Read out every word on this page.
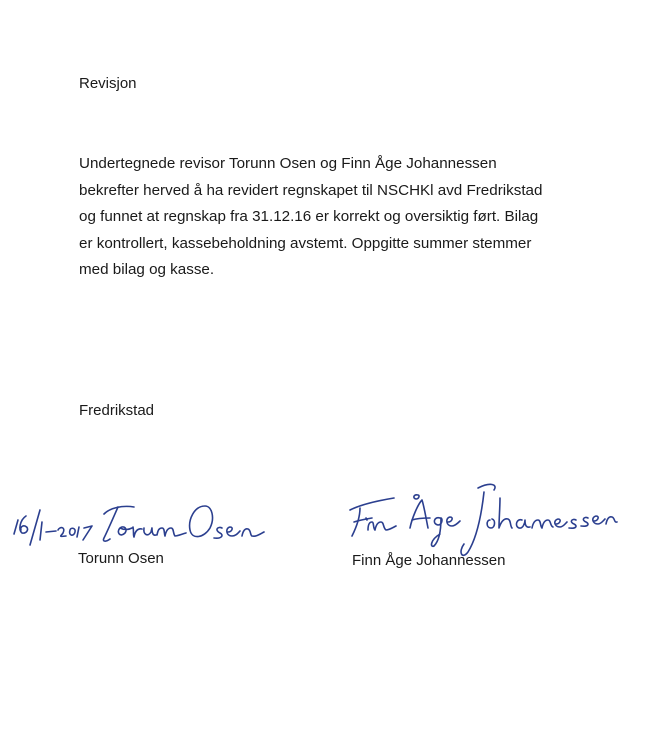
Revisjon
Undertegnede revisor Torunn Osen og Finn Åge Johannessen
bekrefter herved å ha revidert regnskapet til NSCHKl avd Fredrikstad
og funnet at regnskap fra 31.12.16 er korrekt og oversiktig ført. Bilag
er kontrollert, kassebeholdning avstemt. Oppgitte summer stemmer
med bilag og kasse.
Fredrikstad
Torunn Osen	Finn Åge Johannessen
